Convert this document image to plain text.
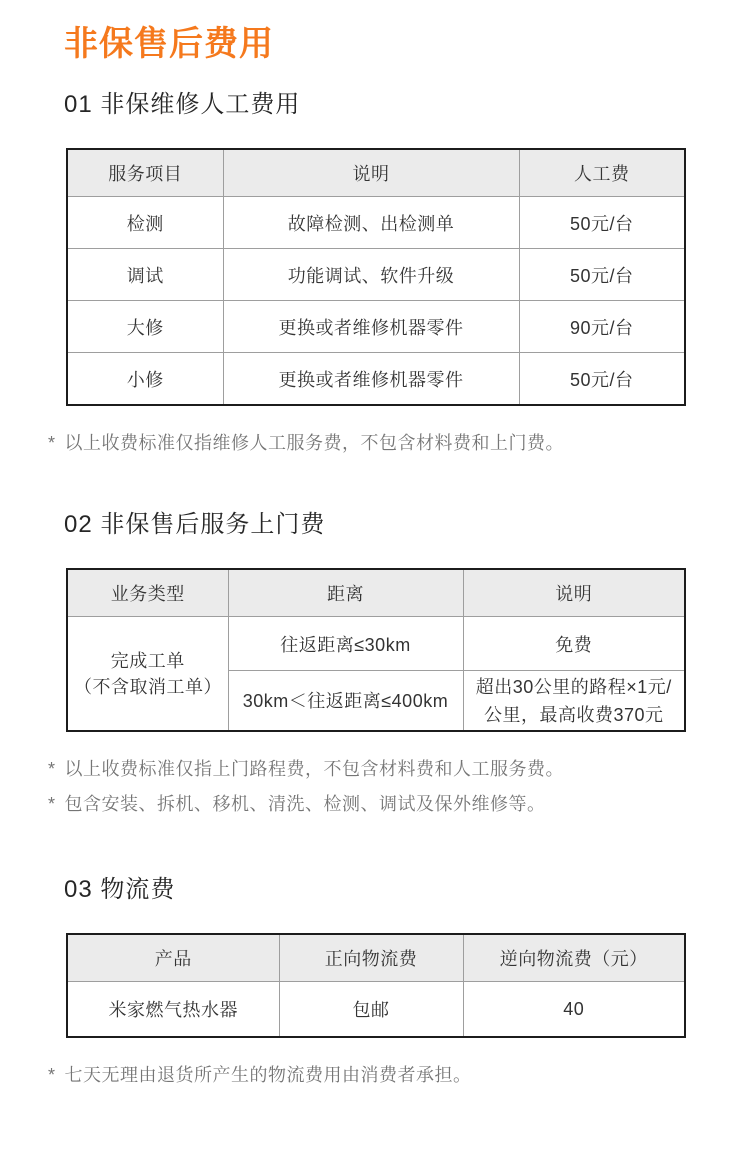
非保售后费用
01 非保维修人工费用
服务项目	说明	人工费
检测	故障检测、出检测单	50元/台
调试	功能调试、软件升级	50元/台
大修	更换或者维修机器零件	90元/台
小修	更换或者维修机器零件	50元/台

* 以上收费标准仅指维修人工服务费，不包含材料费和上门费。

02 非保售后服务上门费
业务类型	距离	说明

完成工单
（不含取消工单）	往返距离≤30km	免费
	30km＜往返距离≤400km	超出30公里的路程×1元/公里，最高收费370元

* 以上收费标准仅指上门路程费，不包含材料费和人工服务费。

* 包含安装、拆机、移机、清洗、检测、调试及保外维修等。

03 物流费
产品	正向物流费	逆向物流费（元）
米家燃气热水器	包邮	40

* 七天无理由退货所产生的物流费用由消费者承担。
